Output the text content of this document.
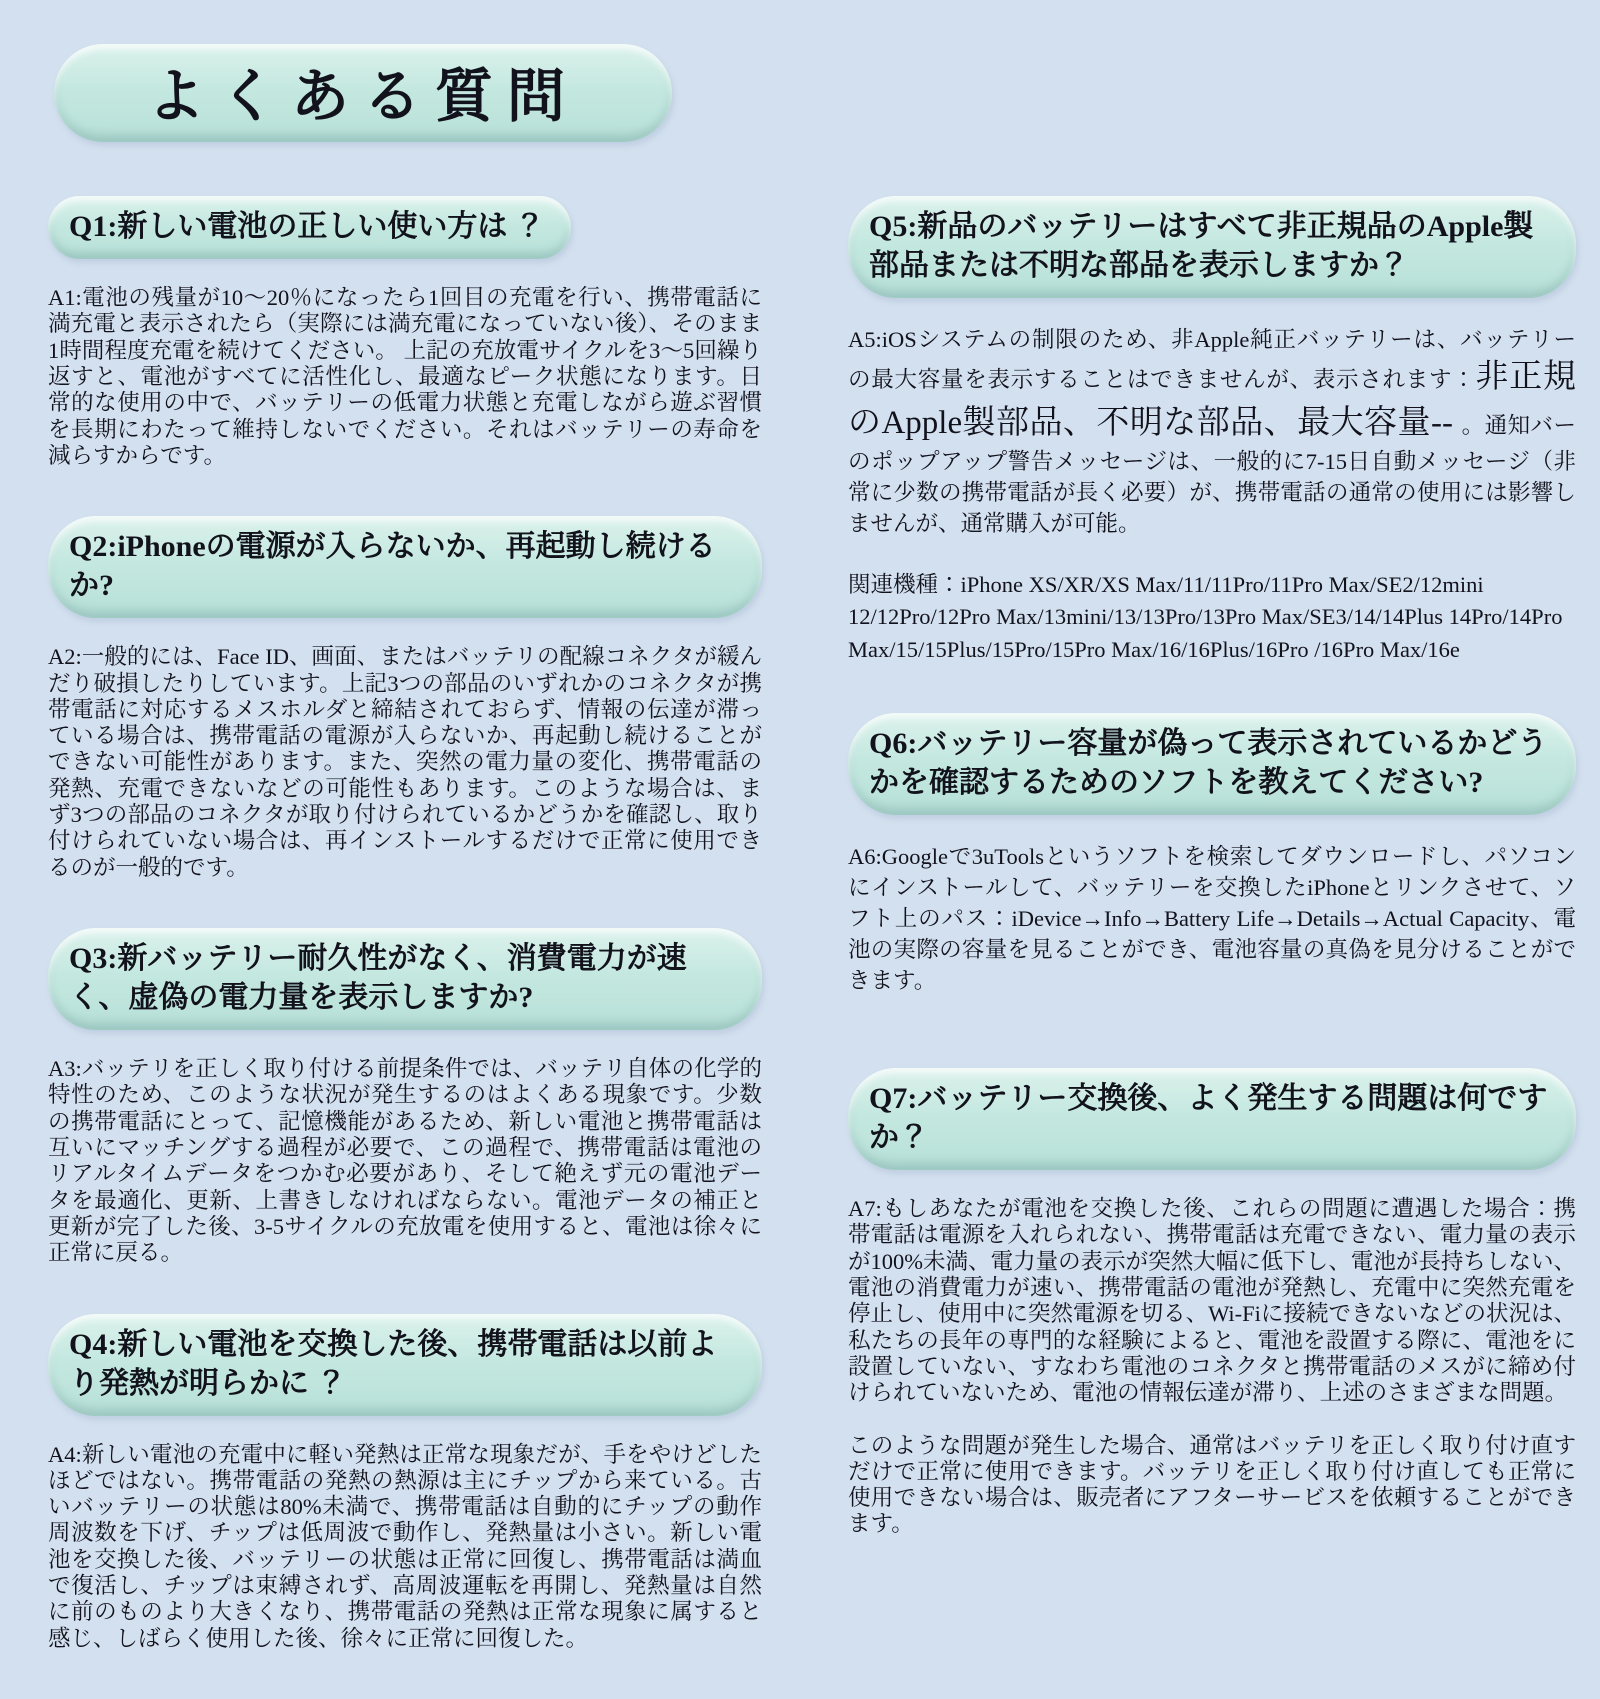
よくある質問
Q1:新しい電池の正しい使い方は ？

A1:電池の残量が10〜20％になったら1回目の充電を行い、携帯電話に満充電と表示されたら（実際には満充電になっていない後）、そのまま1時間程度充電を続けてください。 上記の充放電サイクルを3〜5回繰り返すと、電池がすべてに活性化し、最適なピーク状態になります。日常的な使用の中で、バッテリーの低電力状態と充電しながら遊ぶ習慣を長期にわたって維持しないでください。それはバッテリーの寿命を減らすからです。

Q2:iPhoneの電源が入らないか、再起動し続けるか?

A2:一般的には、Face ID、画面、またはバッテリの配線コネクタが緩んだり破損したりしています。上記3つの部品のいずれかのコネクタが携帯電話に対応するメスホルダと締結されておらず、情報の伝達が滞っている場合は、携帯電話の電源が入らないか、再起動し続けることができない可能性があります。また、突然の電力量の変化、携帯電話の発熱、充電できないなどの可能性もあります。このような場合は、まず3つの部品のコネクタが取り付けられているかどうかを確認し、取り付けられていない場合は、再インストールするだけで正常に使用できるのが一般的です。

Q3:新バッテリー耐久性がなく、消費電力が速く、虚偽の電力量を表示しますか?

A3:バッテリを正しく取り付ける前提条件では、バッテリ自体の化学的特性のため、このような状況が発生するのはよくある現象です。少数の携帯電話にとって、記憶機能があるため、新しい電池と携帯電話は互いにマッチングする過程が必要で、この過程で、携帯電話は電池のリアルタイムデータをつかむ必要があり、そして絶えず元の電池データを最適化、更新、上書きしなければならない。電池データの補正と更新が完了した後、3-5サイクルの充放電を使用すると、電池は徐々に正常に戻る。

Q4:新しい電池を交換した後、携帯電話は以前より発熱が明らかに ？

A4:新しい電池の充電中に軽い発熱は正常な現象だが、手をやけどしたほどではない。携帯電話の発熱の熱源は主にチップから来ている。古いバッテリーの状態は80%未満で、携帯電話は自動的にチップの動作周波数を下げ、チップは低周波で動作し、発熱量は小さい。新しい電池を交換した後、バッテリーの状態は正常に回復し、携帯電話は満血で復活し、チップは束縛されず、高周波運転を再開し、発熱量は自然に前のものより大きくなり、携帯電話の発熱は正常な現象に属すると感じ、しばらく使用した後、徐々に正常に回復した。

Q5:新品のバッテリーはすべて非正規品のApple製部品または不明な部品を表示しますか？

A5:iOSシステムの制限のため、非Apple純正バッテリーは、バッテリーの最大容量を表示することはできませんが、表示されます：非正規のApple製部品、不明な部品、最大容量-- 。通知バーのポップアップ警告メッセージは、一般的に7-15日自動メッセージ（非常に少数の携帯電話が長く必要）が、携帯電話の通常の使用には影響しませんが、通常購入が可能。

関連機種：iPhone XS/XR/XS Max/11/11Pro/11Pro Max/SE2/12mini 12/12Pro/12Pro Max/13mini/13/13Pro/13Pro Max/SE3/14/14Plus 14Pro/14Pro Max/15/15Plus/15Pro/15Pro Max/16/16Plus/16Pro /16Pro Max/16e

Q6:バッテリー容量が偽って表示されているかどうかを確認するためのソフトを教えてください?

A6:Googleで3uToolsというソフトを検索してダウンロードし、パソコンにインストールして、バッテリーを交換したiPhoneとリンクさせて、ソフト上のパス：iDevice→Info→Battery Life→Details→Actual Capacity、電池の実際の容量を見ることができ、電池容量の真偽を見分けることができます。

Q7:バッテリー交換後、よく発生する問題は何ですか？

A7:もしあなたが電池を交換した後、これらの問題に遭遇した場合：携帯電話は電源を入れられない、携帯電話は充電できない、電力量の表示が100%未満、電力量の表示が突然大幅に低下し、電池が長持ちしない、電池の消費電力が速い、携帯電話の電池が発熱し、充電中に突然充電を停止し、使用中に突然電源を切る、Wi-Fiに接続できないなどの状況は、私たちの長年の専門的な経験によると、電池を設置する際に、電池をに設置していない、すなわち電池のコネクタと携帯電話のメスがに締め付けられていないため、電池の情報伝達が滞り、上述のさまざまな問題。

このような問題が発生した場合、通常はバッテリを正しく取り付け直すだけで正常に使用できます。バッテリを正しく取り付け直しても正常に使用できない場合は、販売者にアフターサービスを依頼することができます。
